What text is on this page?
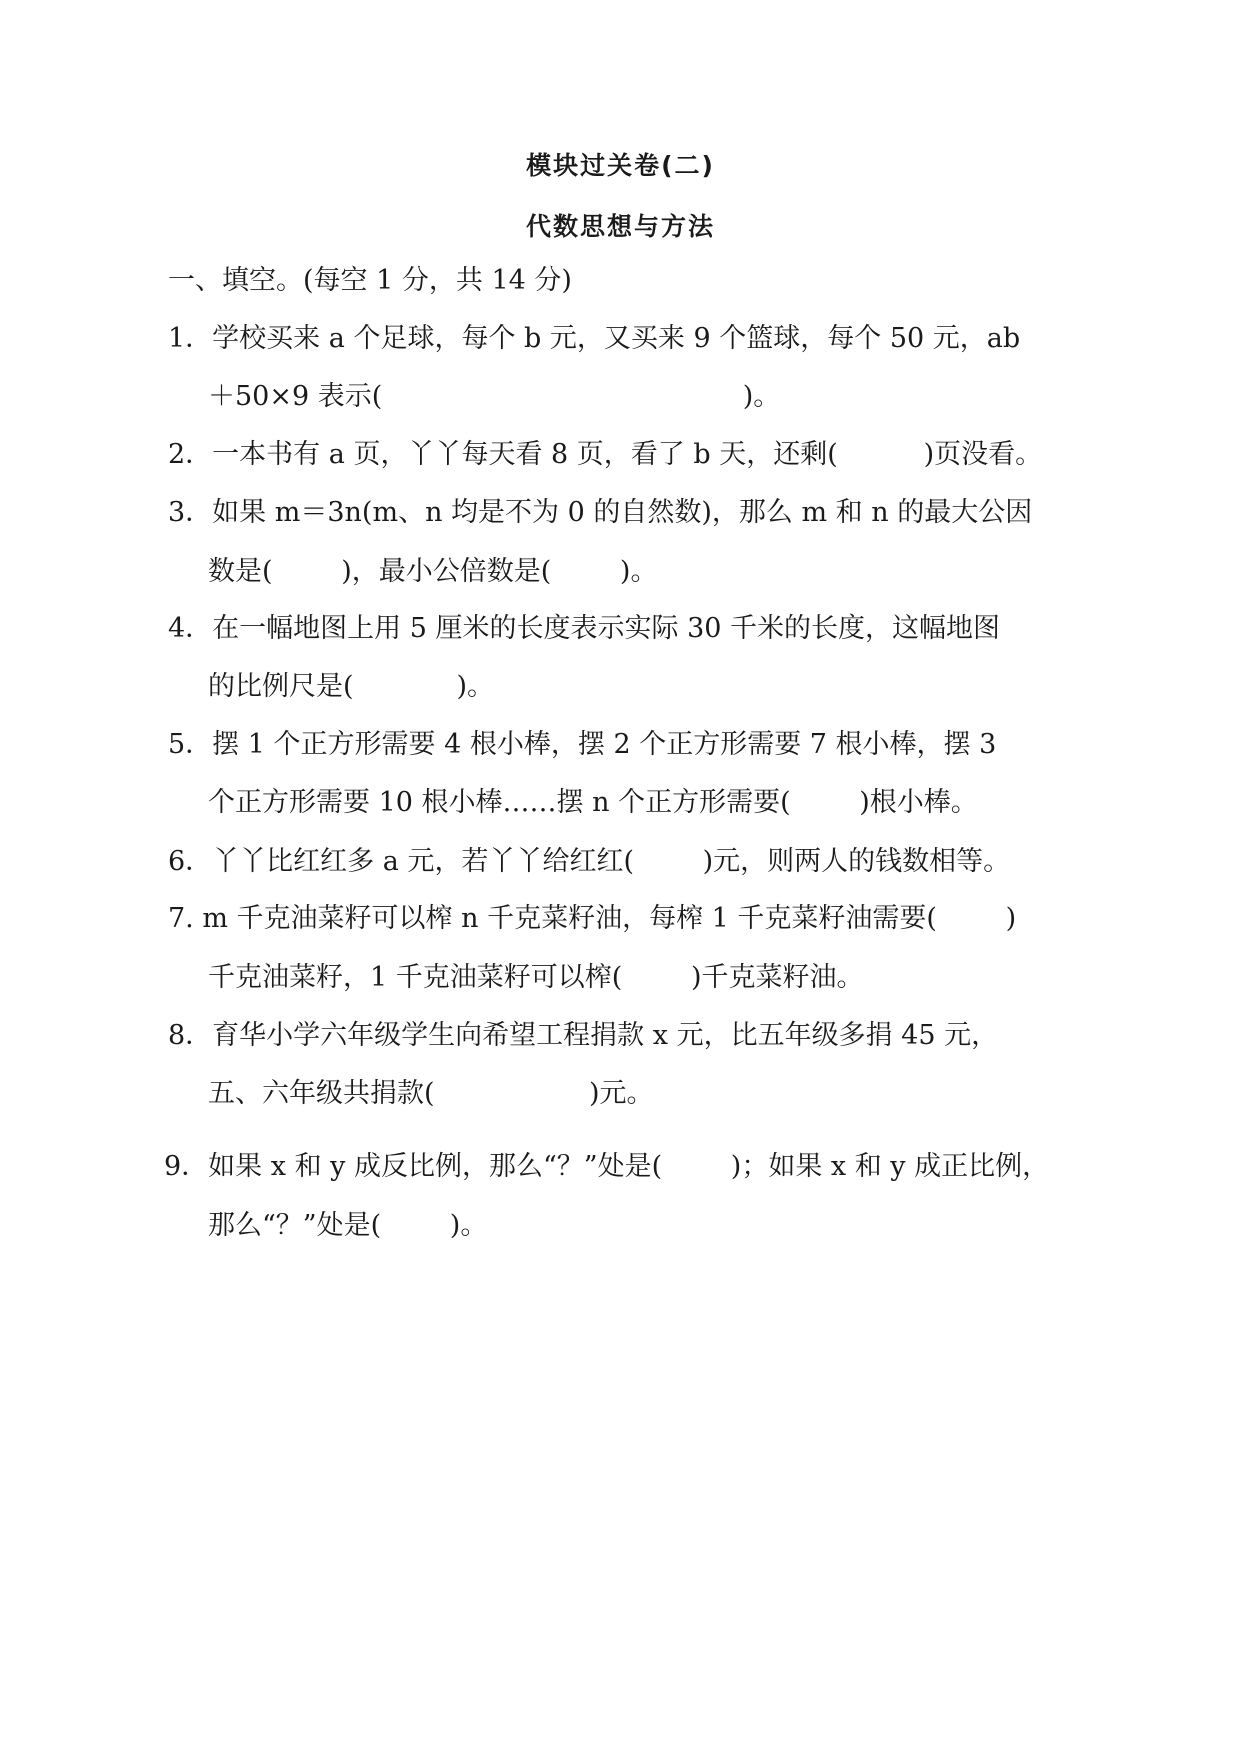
模块过关卷(二)
代数思想与方法
一、填空。(每空 1 分，共 14 分)
1．学校买来 a 个足球，每个 b 元，又买来 9 个篮球，每个 50 元，ab
＋50×9 表示(                                          )。
2．一本书有 a 页，丫丫每天看 8 页，看了 b 天，还剩(          )页没看。
3．如果 m＝3n(m、n 均是不为 0 的自然数)，那么 m 和 n 的最大公因
数是(        )，最小公倍数是(        )。
4．在一幅地图上用 5 厘米的长度表示实际 30 千米的长度，这幅地图
的比例尺是(            )。
5．摆 1 个正方形需要 4 根小棒，摆 2 个正方形需要 7 根小棒，摆 3
个正方形需要 10 根小棒……摆 n 个正方形需要(        )根小棒。
6．丫丫比红红多 a 元，若丫丫给红红(        )元，则两人的钱数相等。
7. m 千克油菜籽可以榨 n 千克菜籽油，每榨 1 千克菜籽油需要(        )
千克油菜籽，1 千克油菜籽可以榨(        )千克菜籽油。
8．育华小学六年级学生向希望工程捐款 x 元，比五年级多捐 45 元，
五、六年级共捐款(                  )元。
9．如果 x 和 y 成反比例，那么“？”处是(        )；如果 x 和 y 成正比例，
那么“？”处是(        )。
